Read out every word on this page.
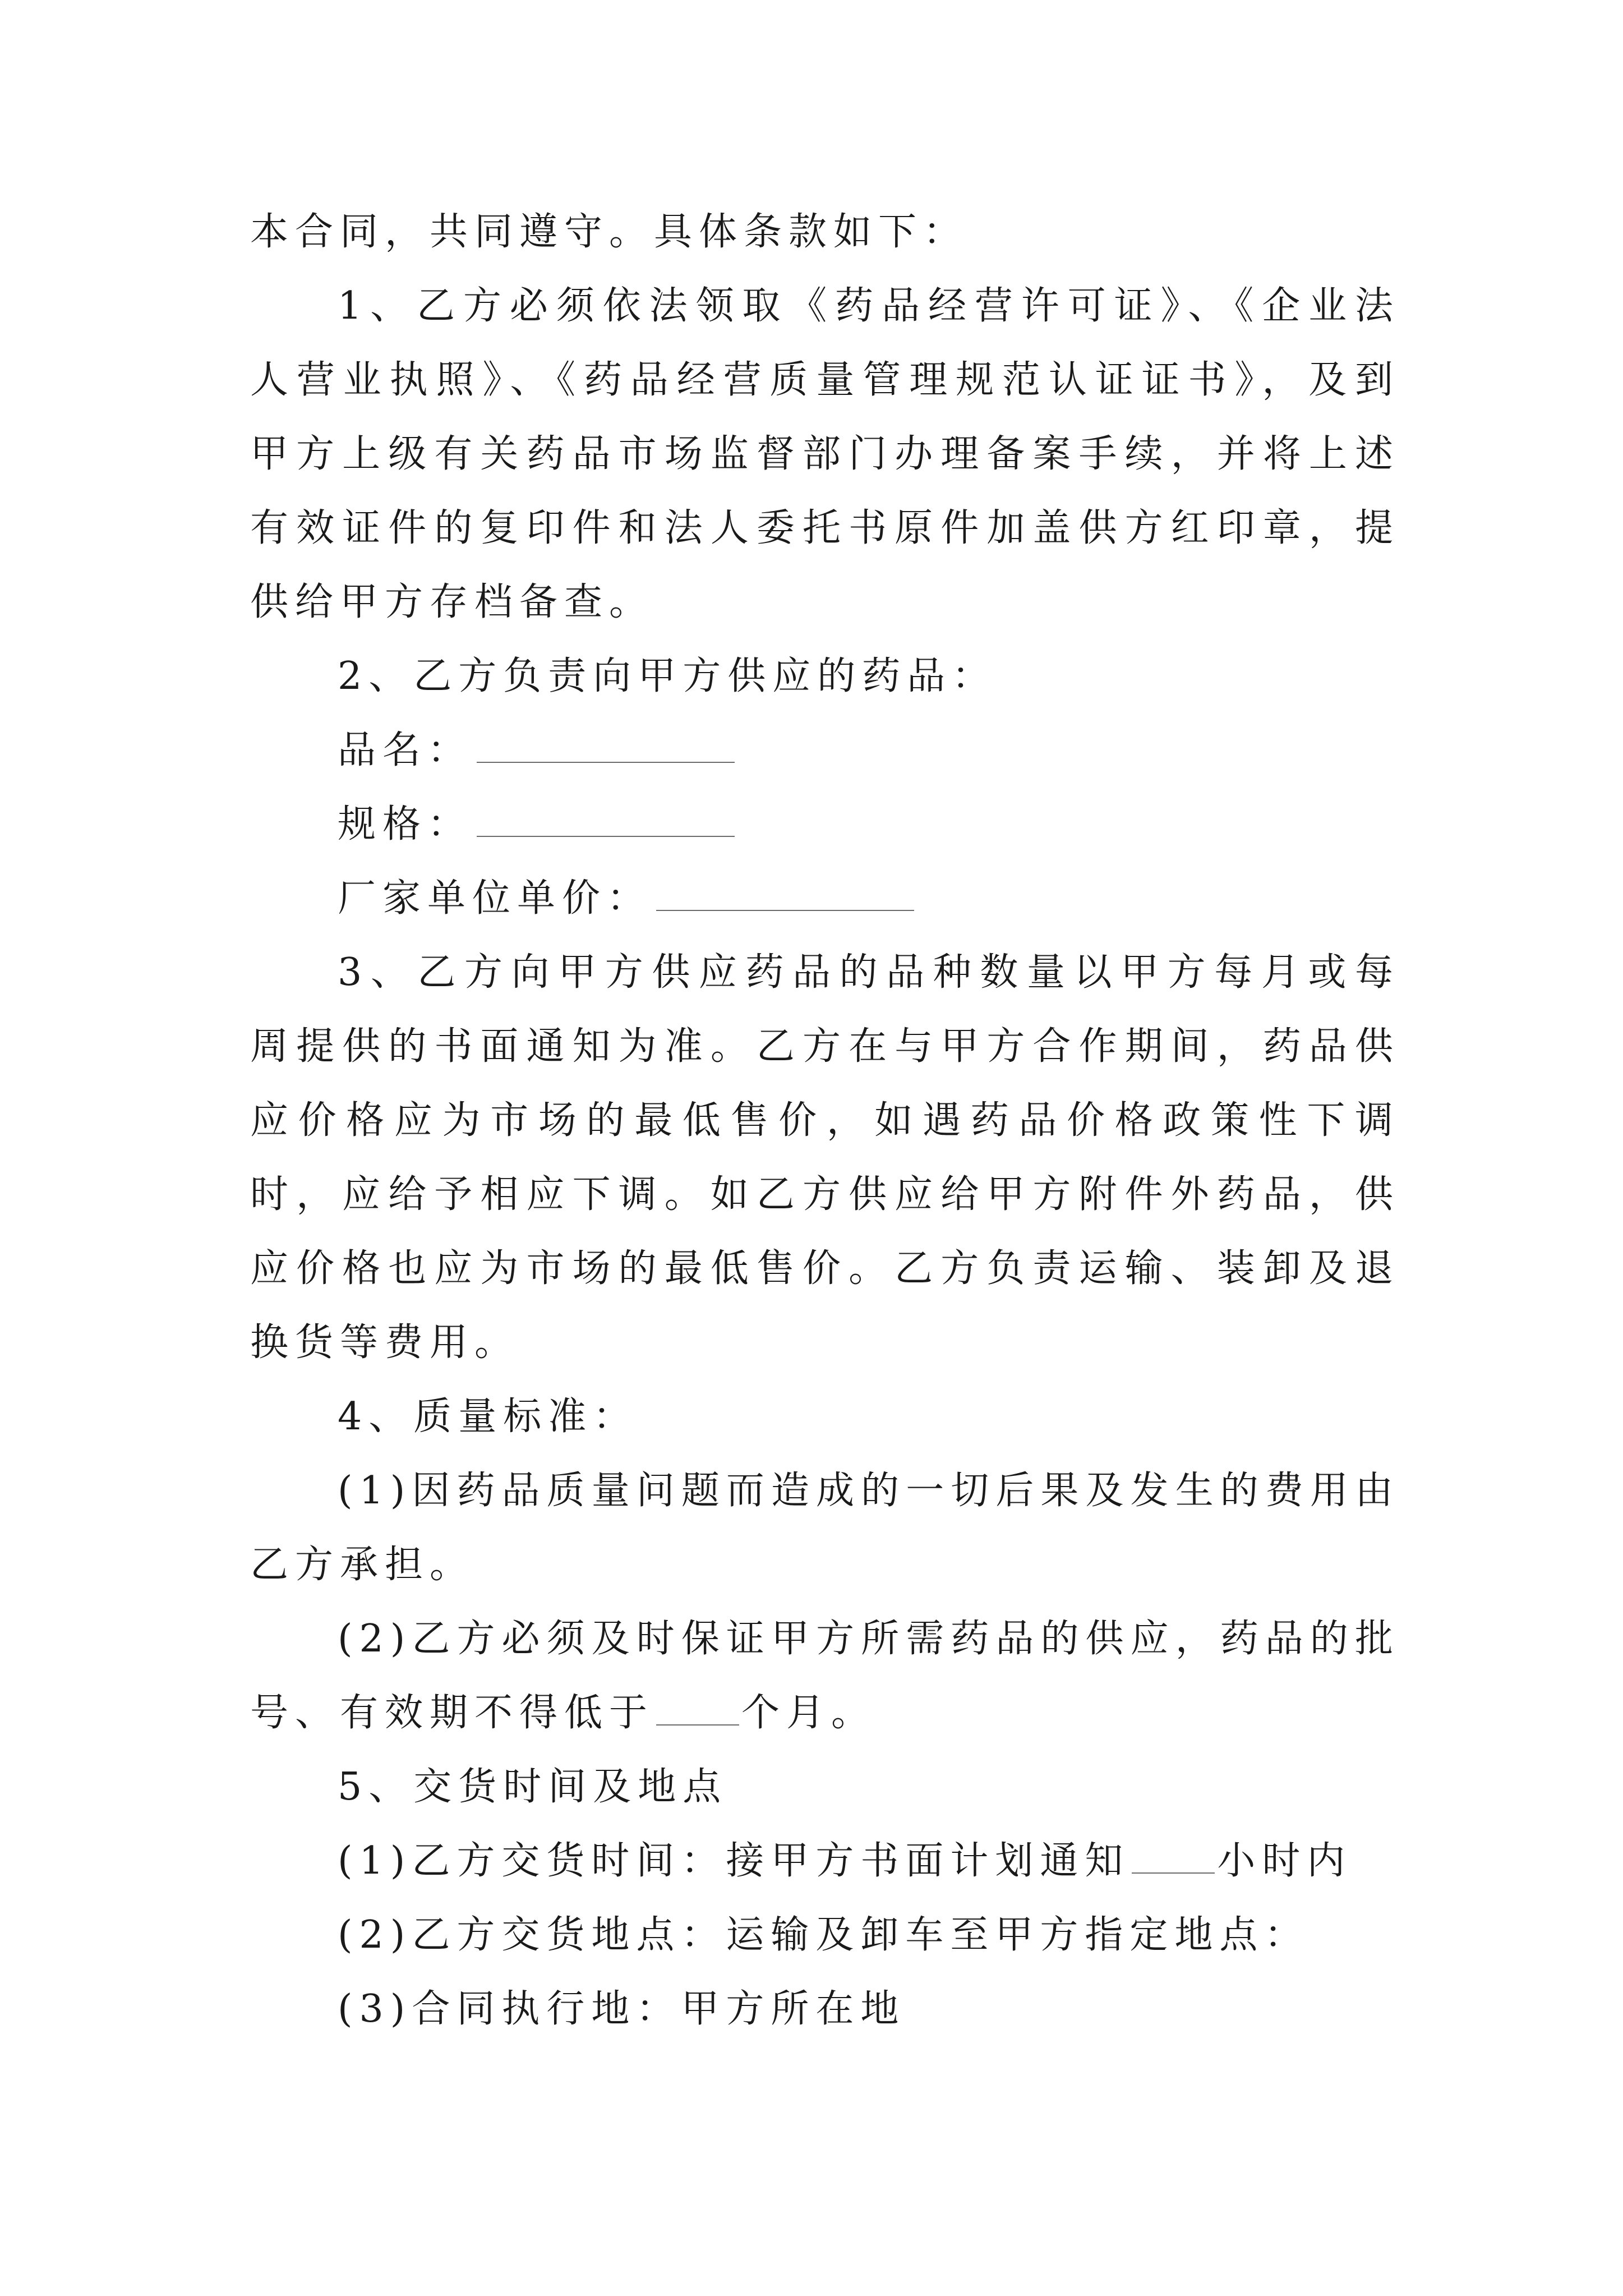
本合同，共同遵守。具体条款如下：

1、乙方必须依法领取《药品经营许可证》、《企业法人营业执照》、《药品经营质量管理规范认证证书》，及到甲方上级有关药品市场监督部门办理备案手续，并将上述有效证件的复印件和法人委托书原件加盖供方红印章，提供给甲方存档备查。

2、乙方负责向甲方供应的药品：

品名：

规格：

厂家单位单价：

3、乙方向甲方供应药品的品种数量以甲方每月或每周提供的书面通知为准。乙方在与甲方合作期间，药品供应价格应为市场的最低售价，如遇药品价格政策性下调时，应给予相应下调。如乙方供应给甲方附件外药品，供应价格也应为市场的最低售价。乙方负责运输、装卸及退换货等费用。

4、质量标准：

(1)因药品质量问题而造成的一切后果及发生的费用由乙方承担。

(2)乙方必须及时保证甲方所需药品的供应，药品的批号、有效期不得低于 个月。

5、交货时间及地点

(1)乙方交货时间：接甲方书面计划通知 小时内

(2)乙方交货地点：运输及卸车至甲方指定地点：

(3)合同执行地：甲方所在地
